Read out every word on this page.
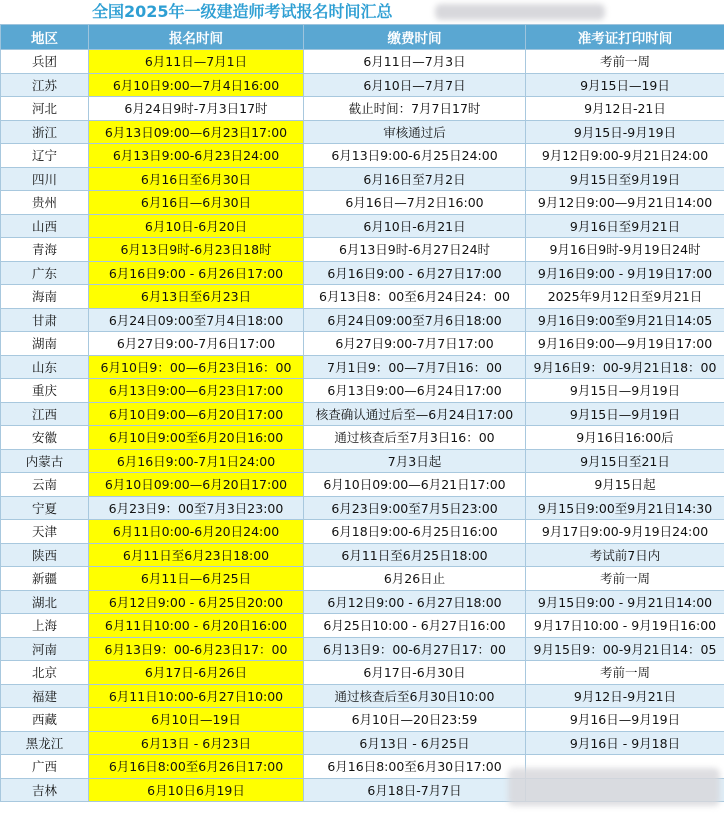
全国2025年一级建造师考试报名时间汇总
地区	报名时间	缴费时间	准考证打印时间
兵团	6月11日—7月1日	6月11日—7月3日	考前一周
江苏	6月10日9:00—7月4日16:00	6月10日—7月7日	9月15日—19日
河北	6月24日9时-7月3日17时	截止时间：7月7日17时	9月12日-21日
浙江	6月13日09:00—6月23日17:00	审核通过后	9月15日-9月19日
辽宁	6月13日9:00-6月23日24:00	6月13日9:00-6月25日24:00	9月12日9:00-9月21日24:00
四川	6月16日至6月30日	6月16日至7月2日	9月15日至9月19日
贵州	6月16日—6月30日	6月16日—7月2日16:00	9月12日9:00—9月21日14:00
山西	6月10日-6月20日	6月10日-6月21日	9月16日至9月21日
青海	6月13日9时-6月23日18时	6月13日9时-6月27日24时	9月16日9时-9月19日24时
广东	6月16日9:00 - 6月26日17:00	6月16日9:00 - 6月27日17:00	9月16日9:00 - 9月19日17:00
海南	6月13日至6月23日	6月13日8：00至6月24日24：00	2025年9月12日至9月21日
甘肃	6月24日09:00至7月4日18:00	6月24日09:00至7月6日18:00	9月16日9:00至9月21日14:05
湖南	6月27日9:00-7月6日17:00	6月27日9:00-7月7日17:00	9月16日9:00—9月19日17:00
山东	6月10日9：00—6月23日16：00	7月1日9：00—7月7日16：00	9月16日9：00-9月21日18：00
重庆	6月13日9:00—6月23日17:00	6月13日9:00—6月24日17:00	9月15日—9月19日
江西	6月10日9:00—6月20日17:00	核查确认通过后至—6月24日17:00	9月15日—9月19日
安徽	6月10日9:00至6月20日16:00	通过核查后至7月3日16：00	9月16日16:00后
内蒙古	6月16日9:00-7月1日24:00	7月3日起	9月15日至21日
云南	6月10日09:00—6月20日17:00	6月10日09:00—6月21日17:00	9月15日起
宁夏	6月23日9：00至7月3日23:00	6月23日9:00至7月5日23:00	9月15日9:00至9月21日14:30
天津	6月11日0:00-6月20日24:00	6月18日9:00-6月25日16:00	9月17日9:00-9月19日24:00
陕西	6月11日至6月23日18:00	6月11日至6月25日18:00	考试前7日内
新疆	6月11日—6月25日	6月26日止	考前一周
湖北	6月12日9:00 - 6月25日20:00	6月12日9:00 - 6月27日18:00	9月15日9:00 - 9月21日14:00
上海	6月11日10:00 - 6月20日16:00	6月25日10:00 - 6月27日16:00	9月17日10:00 - 9月19日16:00
河南	6月13日9：00-6月23日17：00	6月13日9：00-6月27日17：00	9月15日9：00-9月21日14：05
北京	6月17日-6月26日	6月17日-6月30日	考前一周
福建	6月11日10:00-6月27日10:00	通过核查后至6月30日10:00	9月12日-9月21日
西藏	6月10日—19日	6月10日—20日23:59	9月16日—9月19日
黑龙江	6月13日 - 6月23日	6月13日 - 6月25日	9月16日 - 9月18日
广西	6月16日8:00至6月26日17:00	6月16日8:00至6月30日17:00	
吉林	6月10日6月19日	6月18日-7月7日	
